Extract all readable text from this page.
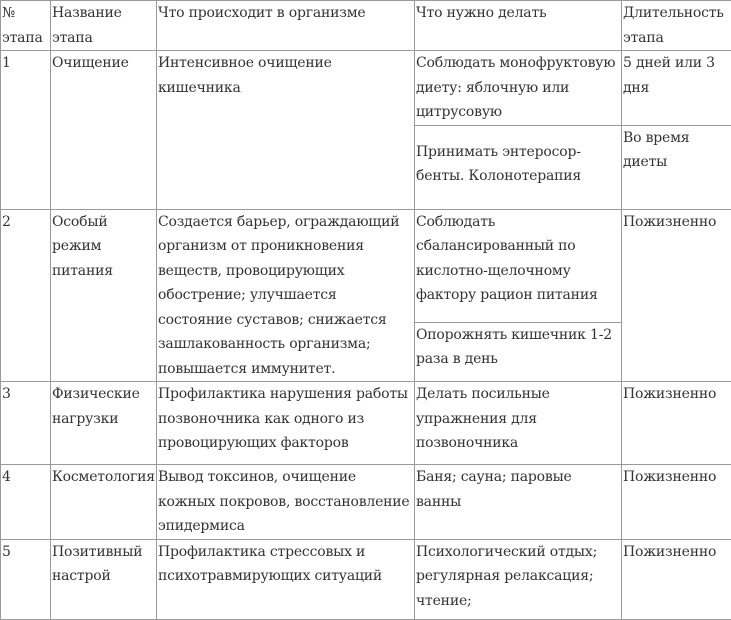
№ этапа	Название этапа	Что происходит в организме	Что нужно делать	Длительность этапа
1	Очищение	Интенсивное очищение кишечника	Соблюдать монофруктовую диету: яблочную или цитрусовую	5 дней или 3 дня
			Принимать энтеросор-бенты. Колонотерапия	Во время диеты
2	Особый режим питания	Создается барьер, ограждающий организм от проникновения веществ, провоцирующих обострение; улучшается состояние суставов; снижается зашлакованность организма; повышается иммунитет.	Соблюдать сбалансированный по кислотно-щелочному фактору рацион питания	Пожизненно
			Опорожнять кишечник 1-2 раза в день	
3	Физические нагрузки	Профилактика нарушения работы позвоночника как одного из провоцирующих факторов	Делать посильные упражнения для позвоночника	Пожизненно
4	Косметология	Вывод токсинов, очищение кожных покровов, восстановление эпидермиса	Баня; сауна; паровые ванны	Пожизненно
5	Позитивный настрой	Профилактика стрессовых и психотравмирующих ситуаций	Психологический отдых; регулярная релаксация; чтение;	Пожизненно
